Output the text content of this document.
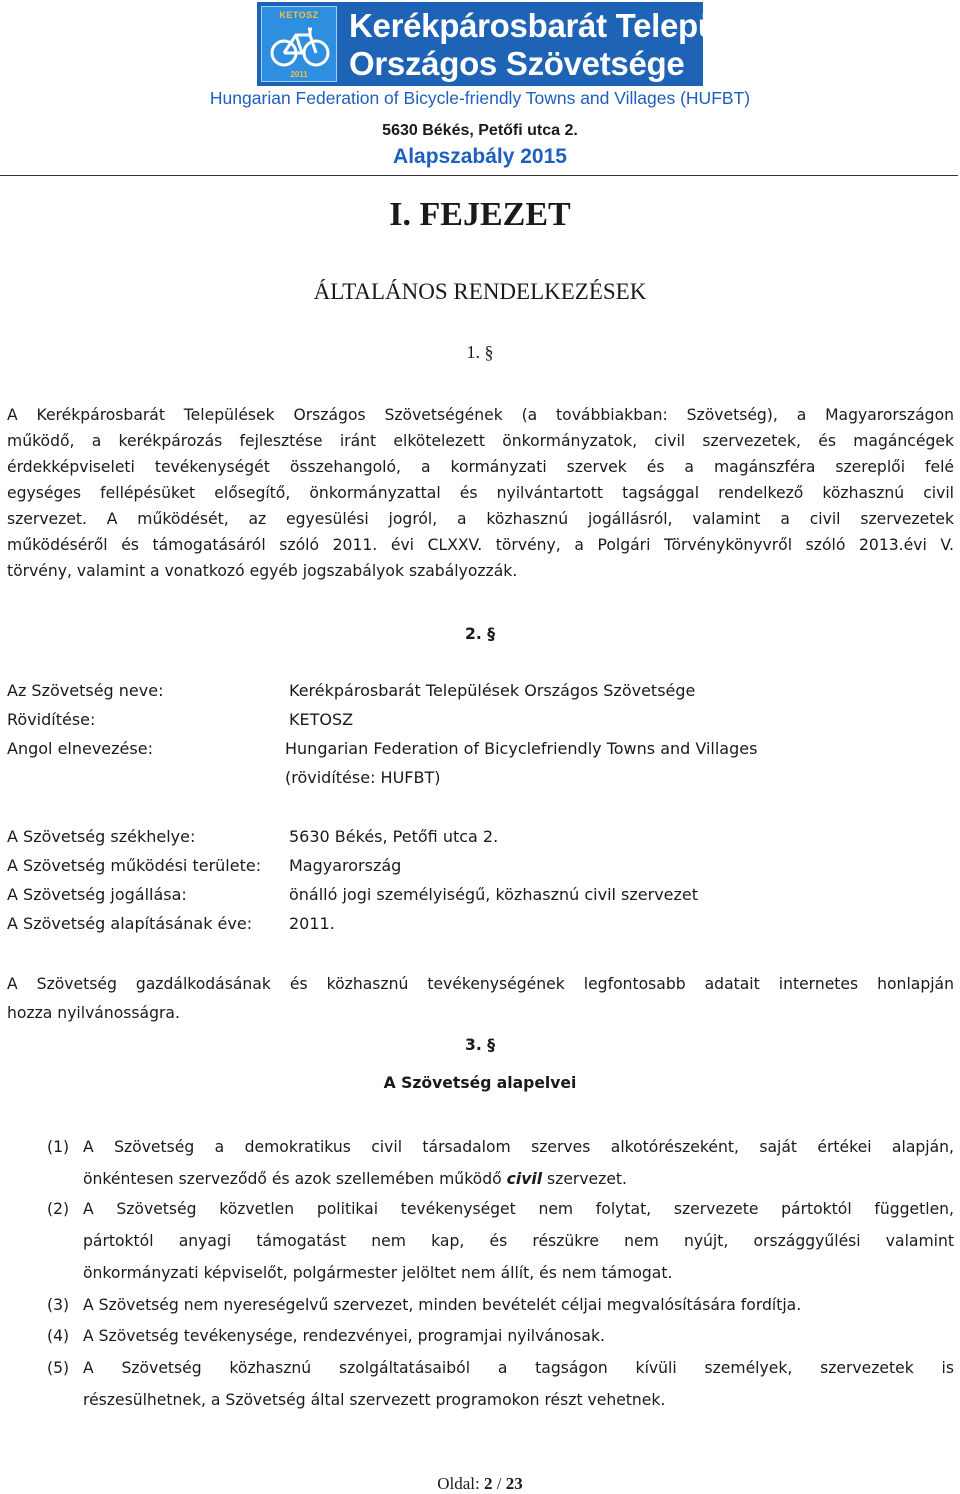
KETOSZ
2011
Kerékpárosbarát Települések
Országos Szövetsége
Hungarian Federation of Bicycle-friendly Towns and Villages (HUFBT)
5630 Békés, Petőfi utca 2.
Alapszabály 2015
I. FEJEZET
ÁLTALÁNOS RENDELKEZÉSEK
1. §
A Kerékpárosbarát Települések Országos Szövetségének (a továbbiakban: Szövetség), a Magyarországon
működő, a kerékpározás fejlesztése iránt elkötelezett önkormányzatok, civil szervezetek, és magáncégek
érdekképviseleti tevékenységét összehangoló, a kormányzati szervek és a magánszféra szereplői felé
egységes fellépésüket elősegítő, önkormányzattal és nyilvántartott tagsággal rendelkező közhasznú civil
szervezet. A működését, az egyesülési jogról, a közhasznú jogállásról, valamint a civil szervezetek
működéséről és támogatásáról szóló 2011. évi CLXXV. törvény, a Polgári Törvénykönyvről szóló 2013.évi V.
törvény, valamint a vonatkozó egyéb jogszabályok szabályozzák.
2. §
Az Szövetség neve:	Kerékpárosbarát Települések Országos Szövetsége
Rövidítése:	KETOSZ
Angol elnevezése:	Hungarian Federation of Bicyclefriendly Towns and Villages
(rövidítése: HUFBT)
A Szövetség székhelye:	5630 Békés, Petőfi utca 2.
A Szövetség működési területe: Magyarország
A Szövetség jogállása:	önálló jogi személyiségű, közhasznú civil szervezet
A Szövetség alapításának éve: 2011.
A Szövetség gazdálkodásának és közhasznú tevékenységének legfontosabb adatait internetes honlapján
hozza nyilvánosságra.
3. §
A Szövetség alapelvei
(1) A Szövetség a demokratikus civil társadalom szerves alkotórészeként, saját értékei alapján,
önkéntesen szerveződő és azok szellemében működő civil szervezet.
(2) A Szövetség közvetlen politikai tevékenységet nem folytat, szervezete pártoktól független,
pártoktól anyagi támogatást nem kap, és részükre nem nyújt, országgyűlési valamint
önkormányzati képviselőt, polgármester jelöltet nem állít, és nem támogat.
(3) A Szövetség nem nyereségelvű szervezet, minden bevételét céljai megvalósítására fordítja.
(4) A Szövetség tevékenysége, rendezvényei, programjai nyilvánosak.
(5) A Szövetség közhasznú szolgáltatásaiból a tagságon kívüli személyek, szervezetek is
részesülhetnek, a Szövetség által szervezett programokon részt vehetnek.
Oldal: 2 / 23
